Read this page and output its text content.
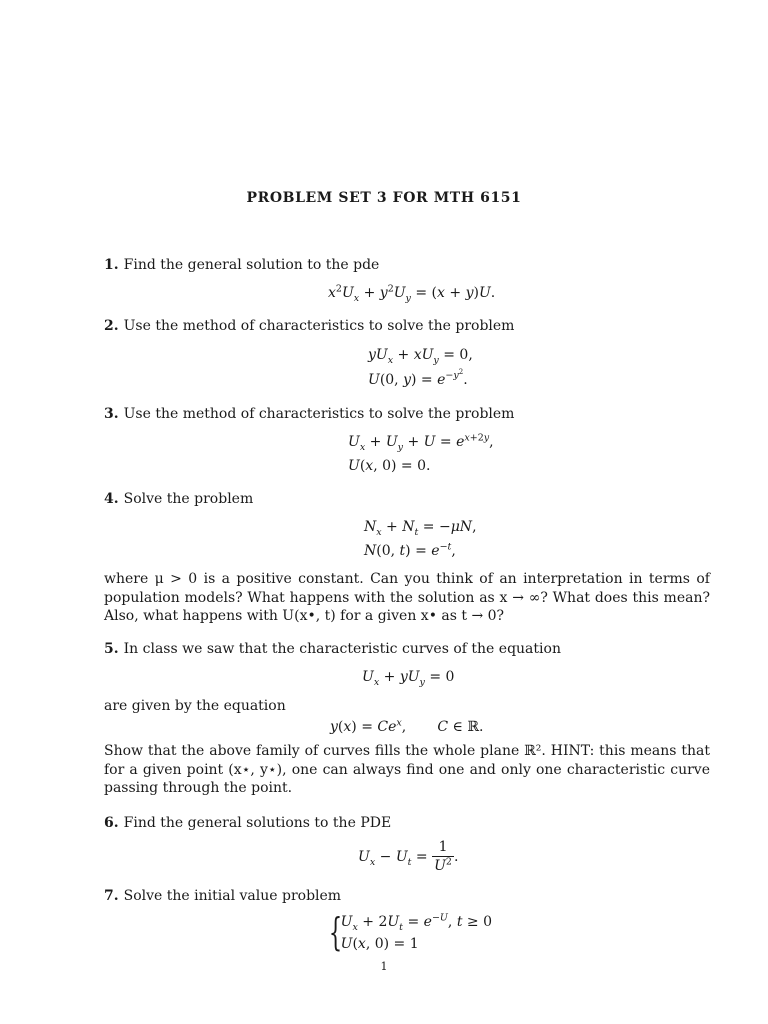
PROBLEM SET 3 FOR MTH 6151
1. Find the general solution to the pde
$x^2U_x + y^2U_y = (x + y)U$.
2. Use the method of characteristics to solve the problem
$yU_x + xU_y = 0$,
U(0, $y) = e^{-y^2}$.
3. Use the method of characteristics to solve the problem
$U_x + U_y + U = e^{x+2y}$,
U(x, 0) = 0.
4. Solve the problem
$N_x + N_t = -\mu N$,
N(0, $t) = e^{-t}$,
where μ > 0 is a positive constant. Can you think of an interpretation in terms of population models? What happens with the solution as x → ∞? What does this mean? Also, what happens with U(x•, t) for a given x• as t → 0?
5. In class we saw that the characteristic curves of the equation
$U_x + yU_y = 0$
are given by the equation
$y(x) = Ce^x$,       C ∈ ℝ.
Show that the above family of curves fills the whole plane ℝ². HINT: this means that for a given point (x⋆, y⋆), one can always find one and only one characteristic curve passing through the point.
6. Find the general solutions to the PDE
$U_x - U_t = \frac{1}{U^2}$ .
7. Solve the initial value problem
{
$U_x + 2U_t = e^{-U}$, t ≥ 0
U(x, 0) = 1
1
